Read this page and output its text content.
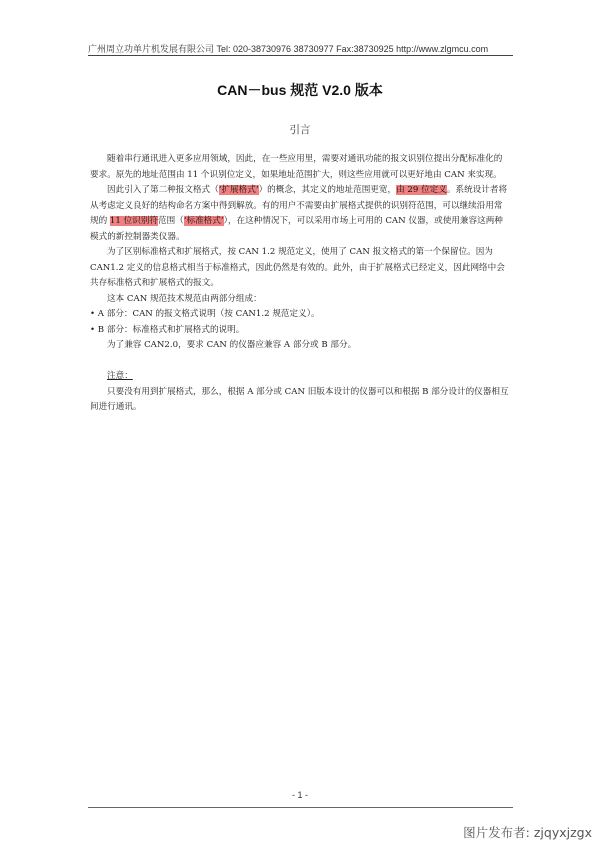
广州周立功单片机发展有限公司 Tel: 020-38730976 38730977 Fax:38730925 http://www.zlgmcu.com
CAN－bus 规范 V2.0 版本
引言

随着串行通讯进入更多应用领域，因此，在一些应用里，需要对通讯功能的报文识别位提出分配标准化的要求。原先的地址范围由 11 个识别位定义，如果地址范围扩大，则这些应用就可以更好地由 CAN 来实现。

因此引入了第二种报文格式（‘扩展格式’）的概念，其定义的地址范围更宽，由 29 位定义。系统设计者将从考虑定义良好的结构命名方案中得到解放。有的用户不需要由扩展格式提供的识别符范围，可以继续沿用常规的 11 位识别符范围（‘标准格式’），在这种情况下，可以采用市场上可用的 CAN 仪器，或使用兼容这两种模式的新控制器类仪器。

为了区别标准格式和扩展格式，按 CAN 1.2 规范定义，使用了 CAN 报文格式的第一个保留位。因为 CAN1.2 定义的信息格式相当于标准格式，因此仍然是有效的。此外，由于扩展格式已经定义，因此网络中会共存标准格式和扩展格式的报文。

这本 CAN 规范技术规范由两部分组成：

• A 部分：CAN 的报文格式说明（按 CAN1.2 规范定义）。

• B 部分：标准格式和扩展格式的说明。

为了兼容 CAN2.0，要求 CAN 的仪器应兼容 A 部分或 B 部分。

注意：

只要没有用到扩展格式，那么，根据 A 部分或 CAN 旧版本设计的仪器可以和根据 B 部分设计的仪器相互间进行通讯。

- 1 -
图片发布者: zjqyxjzgx
